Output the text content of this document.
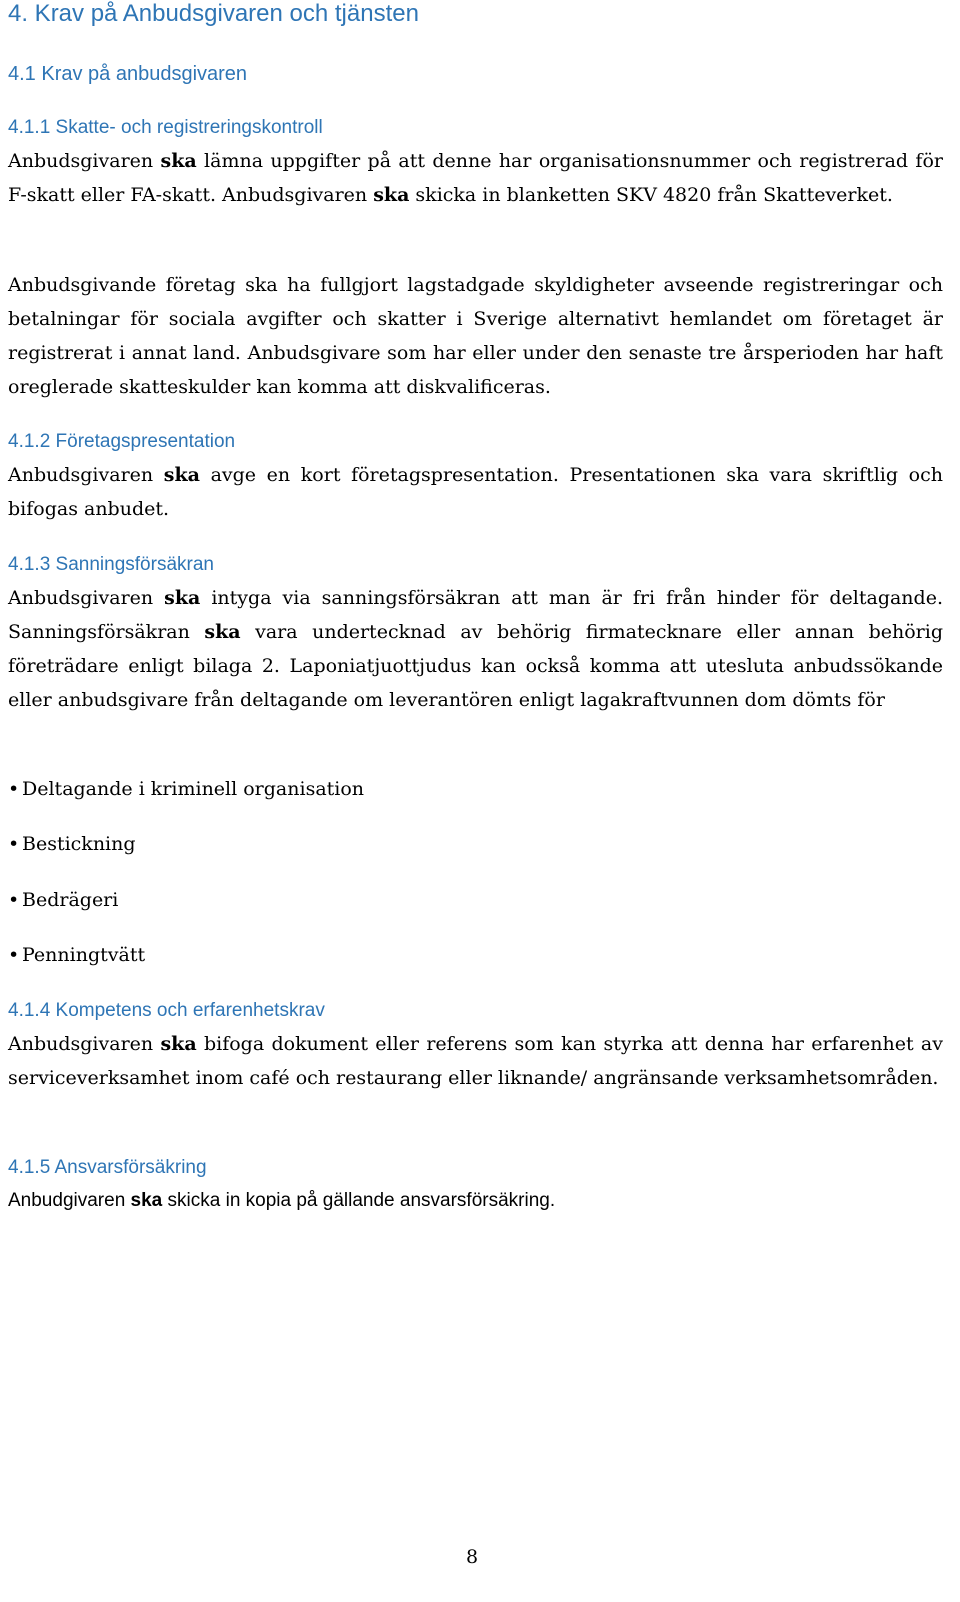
4. Krav på Anbudsgivaren och tjänsten
4.1 Krav på anbudsgivaren
4.1.1 Skatte- och registreringskontroll

Anbudsgivaren ska lämna uppgifter på att denne har organisationsnummer och registrerad för F-skatt eller FA-skatt. Anbudsgivaren ska skicka in blanketten SKV 4820 från Skatteverket.

Anbudsgivande företag ska ha fullgjort lagstadgade skyldigheter avseende registreringar och betalningar för sociala avgifter och skatter i Sverige alternativt hemlandet om företaget är registrerat i annat land. Anbudsgivare som har eller under den senaste tre årsperioden har haft oreglerade skatteskulder kan komma att diskvalificeras.

4.1.2 Företagspresentation

Anbudsgivaren ska avge en kort företagspresentation. Presentationen ska vara skriftlig och bifogas anbudet.

4.1.3 Sanningsförsäkran

Anbudsgivaren ska intyga via sanningsförsäkran att man är fri från hinder för deltagande. Sanningsförsäkran ska vara undertecknad av behörig firmatecknare eller annan behörig företrädare enligt bilaga 2. Laponiatjuottjudus kan också komma att utesluta anbudssökande eller anbudsgivare från deltagande om leverantören enligt lagakraftvunnen dom dömts för

• Deltagande i kriminell organisation
• Bestickning
• Bedrägeri
• Penningtvätt
4.1.4 Kompetens och erfarenhetskrav

Anbudsgivaren ska bifoga dokument eller referens som kan styrka att denna har erfarenhet av serviceverksamhet inom café och restaurang eller liknande/ angränsande verksamhetsområden.

4.1.5 Ansvarsförsäkring

Anbudgivaren ska skicka in kopia på gällande ansvarsförsäkring.

8
